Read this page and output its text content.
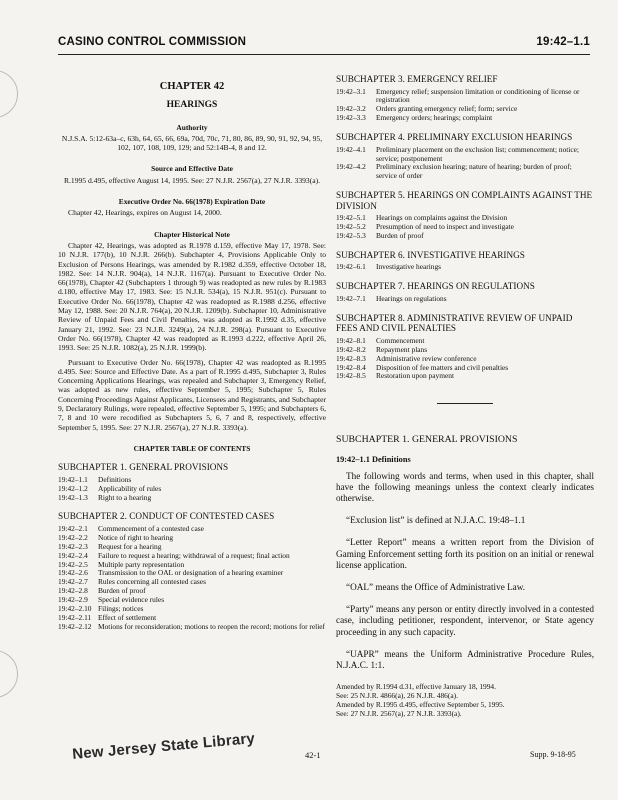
CASINO CONTROL COMMISSION	19:42–1.1
CHAPTER 42
HEARINGS
Authority
N.J.S.A. 5:12-63a–c, 63h, 64, 65, 66, 69a, 70d, 70c, 71, 80, 86, 89, 90, 91, 92, 94, 95, 102, 107, 108, 109, 129; and 52:14B-4, 8 and 12.
Source and Effective Date
R.1995 d.495, effective August 14, 1995. See: 27 N.J.R. 2567(a), 27 N.J.R. 3393(a).
Executive Order No. 66(1978) Expiration Date
Chapter 42, Hearings, expires on August 14, 2000.
Chapter Historical Note
Chapter 42, Hearings, was adopted as R.1978 d.159, effective May 17, 1978. See: 10 N.J.R. 177(b), 10 N.J.R. 266(b). Subchapter 4, Provisions Applicable Only to Exclusion of Persons Hearings, was amended by R.1982 d.359, effective October 18, 1982. See: 14 N.J.R. 904(a), 14 N.J.R. 1167(a). Pursuant to Executive Order No. 66(1978), Chapter 42 (Subchapters 1 through 9) was readopted as new rules by R.1983 d.180, effective May 17, 1983. See: 15 N.J.R. 534(a), 15 N.J.R. 951(c). Pursuant to Executive Order No. 66(1978), Chapter 42 was readopted as R.1988 d.256, effective May 12, 1988. See: 20 N.J.R. 764(a), 20 N.J.R. 1209(b). Subchapter 10, Administrative Review of Unpaid Fees and Civil Penalties, was adopted as R.1992 d.35, effective January 21, 1992. See: 23 N.J.R. 3249(a), 24 N.J.R. 298(a). Pursuant to Executive Order No. 66(1978), Chapter 42 was readopted as R.1993 d.222, effective April 26, 1993. See: 25 N.J.R. 1082(a), 25 N.J.R. 1999(b).
Pursuant to Executive Order No. 66(1978), Chapter 42 was readopted as R.1995 d.495. See: Source and Effective Date. As a part of R.1995 d.495, Subchapter 3, Rules Concerning Applications Hearings, was repealed and Subchapter 3, Emergency Relief, was adopted as new rules, effective September 5, 1995; Subchapter 5, Rules Concerning Proceedings Against Applicants, Licensees and Registrants, and Subchapter 9, Declaratory Rulings, were repealed, effective September 5, 1995; and Subchapters 6, 7, 8 and 10 were recodified as Subchapters 5, 6, 7 and 8, respectively, effective September 5, 1995. See: 27 N.J.R. 2567(a), 27 N.J.R. 3393(a).
CHAPTER TABLE OF CONTENTS
SUBCHAPTER 1. GENERAL PROVISIONS
19:42–1.1	Definitions
19:42–1.2	Applicability of rules
19:42–1.3	Right to a hearing
SUBCHAPTER 2. CONDUCT OF CONTESTED CASES
19:42–2.1	Commencement of a contested case
19:42–2.2	Notice of right to hearing
19:42–2.3	Request for a hearing
19:42–2.4	Failure to request a hearing; withdrawal of a request; final action
19:42–2.5	Multiple party representation
19:42–2.6	Transmission to the OAL or designation of a hearing examiner
19:42–2.7	Rules concerning all contested cases
19:42–2.8	Burden of proof
19:42–2.9	Special evidence rules
19:42–2.10 Filings; notices
19:42–2.11 Effect of settlement
19:42–2.12 Motions for reconsideration; motions to reopen the record; motions for relief
SUBCHAPTER 3. EMERGENCY RELIEF
19:42–3.1	Emergency relief; suspension limitation or conditioning of license or registration
19:42–3.2	Orders granting emergency relief; form; service
19:42–3.3	Emergency orders; hearings; complaint
SUBCHAPTER 4. PRELIMINARY EXCLUSION HEARINGS
19:42–4.1	Preliminary placement on the exclusion list; commencement; notice; service; postponement
19:42–4.2	Preliminary exclusion hearing; nature of hearing; burden of proof; service of order
SUBCHAPTER 5. HEARINGS ON COMPLAINTS AGAINST THE DIVISION
19:42–5.1	Hearings on complaints against the Division
19:42–5.2	Presumption of need to inspect and investigate
19:42–5.3	Burden of proof
SUBCHAPTER 6. INVESTIGATIVE HEARINGS
19:42–6.1	Investigative hearings
SUBCHAPTER 7. HEARINGS ON REGULATIONS
19:42–7.1	Hearings on regulations
SUBCHAPTER 8. ADMINISTRATIVE REVIEW OF UNPAID FEES AND CIVIL PENALTIES
19:42–8.1	Commencement
19:42–8.2	Repayment plans
19:42–8.3	Administrative review conference
19:42–8.4	Disposition of fee matters and civil penalties
19:42–8.5	Restoration upon payment
SUBCHAPTER 1. GENERAL PROVISIONS
19:42–1.1 Definitions

The following words and terms, when used in this chapter, shall have the following meanings unless the context clearly indicates otherwise.

“Exclusion list” is defined at N.J.A.C. 19:48–1.1

“Letter Report” means a written report from the Division of Gaming Enforcement setting forth its position on an initial or renewal license application.

“OAL” means the Office of Administrative Law.

“Party” means any person or entity directly involved in a contested case, including petitioner, respondent, intervenor, or State agency proceeding in any such capacity.

“UAPR” means the Uniform Administrative Procedure Rules, N.J.A.C. 1:1.

Amended by R.1994 d.31, effective January 18, 1994.
See: 25 N.J.R. 4866(a), 26 N.J.R. 486(a).
Amended by R.1995 d.495, effective September 5, 1995.
See: 27 N.J.R. 2567(a), 27 N.J.R. 3393(a).
New Jersey State Library	42-1	Supp. 9-18-95
